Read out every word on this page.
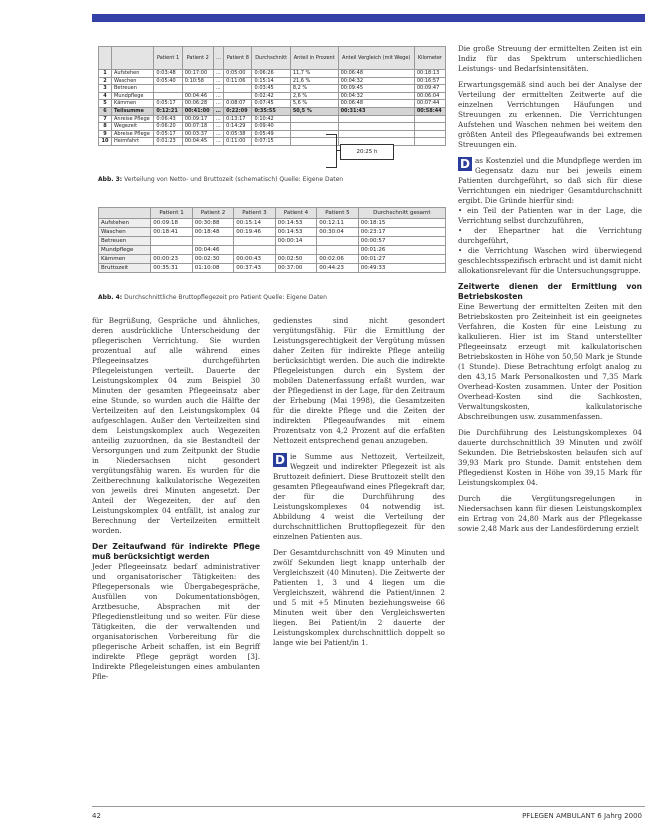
		Patient 1	Patient 2	…	Patient 8	Durchschnitt	Anteil in Prozent	Anteil Vergleich (mit Wege)	Kilometer
1	Aufstehen	0:03:48	00:17:00	…	0:05:00	0:06:26	11,7 %	00:06:48	00:18:13
2	Waschen	0:05:40	0:10:58	…	0:11:06	0:15:14	21,6 %	00:04:32	00:16:57
3	Betreuen			…		0:03:45	8,2 %	00:09:45	00:09:47
4	Mundpflege		00:04:46	…		0:02:42	2,6 %	00:04:32	00:06:04
5	Kämmen	0:05:17	00:06:28	…	0:08:07	0:07:45	5,6 %	00:06:48	00:07:44
6	Teilsumme	0:12:21	00:41:00	…	0:22:09	0:35:55	50,5 %	00:31:43	00:58:44
7	Anreise Pflege	0:06:43	00:09:17	…	0:13:17	0:10:42			
8	Wegezeit	0:06:20	00:07:18	…	0:14:29	0:09:40			
9	Abreise Pflege	0:05:17	00:03:37	…	0:05:38	0:05:49			
10	Heimfahrt	0:01:23	00:04:45	…	0:11:00	0:07:15			
20:25 h
Abb. 3: Verteilung von Netto- und Bruttozeit (schematisch) Quelle: Eigene Daten
	Patient 1	Patient 2	Patient 3	Patient 4	Patient 5	Durchschnitt gesamt
Aufstehen	00:09:18	00:30:88	00:15:14	00:14:53	00:12:11	00:18:15
Waschen	00:18:41	00:18:48	00:19:46	00:14:53	00:30:04	00:23:17
Betreuen				00:00:14		00:00:57
Mundpflege		00:04:46				00:01:26
Kämmen	00:00:23	00:02:30	00:00:43	00:02:50	00:02:06	00:01:27
Bruttozeit	00:35:31	01:10:08	00:37:43	00:37:00	00:44:23	00:49:33
Abb. 4: Durchschnittliche Bruttopflegezeit pro Patient Quelle: Eigene Daten

für Begrüßung, Gespräche und ähnliches, deren ausdrückliche Unterscheidung der pflegerischen Verrichtung. Sie wurden prozentual auf alle während eines Pflegeeinsatzes durchgeführten Pflegeleistungen verteilt. Dauerte der Leistungskomplex 04 zum Beispiel 30 Minuten der gesamten Pflegeeinsatz aber eine Stunde, so wurden auch die Hälfte der Verteilzeiten auf den Leistungskomplex 04 aufgeschlagen. Außer den Verteilzeiten sind dem Leistungskomplex auch Wegezeiten anteilig zuzuordnen, da sie Bestandteil der Versorgungen und zum Zeitpunkt der Studie in Niedersachsen nicht gesondert vergütungsfähig waren. Es wurden für die Zeitberechnung kalkulatorische Wegezeiten von jeweils drei Minuten angesetzt. Der Anteil der Wegezeiten, der auf den Leistungskomplex 04 entfällt, ist analog zur Berechnung der Verteilzeiten ermittelt worden.

Der Zeitaufwand für indirekte Pflege muß berücksichtigt werden

Jeder Pflegeeinsatz bedarf administrativer und organisatorischer Tätigkeiten: des Pflegepersonals wie Übergabegespräche, Ausfüllen von Dokumentationsbögen, Arztbesuche, Absprachen mit der Pflegedienstleitung und so weiter. Für diese Tätigkeiten, die der verwaltenden und organisatorischen Vorbereitung für die pflegerische Arbeit schaffen, ist ein Begriff indirekte Pflege geprägt worden [3]. Indirekte Pflegeleistungen eines ambulanten Pfle-

gedienstes sind nicht gesondert vergütungsfähig. Für die Ermittlung der Leistungsgerechtigkeit der Vergütung müssen daher Zeiten für indirekte Pflege anteilig berücksichtigt werden. Die auch die indirekte Pflegeleistungen durch ein System der mobilen Datenerfassung erfaßt wurden, war der Pflegedienst in der Lage, für den Zeitraum der Erhebung (Mai 1998), die Gesamtzeiten für die direkte Pflege und die Zeiten der indirekten Pflegeaufwandes mit einem Prozentsatz von 4,2 Prozent auf die erfaßten Nettozeit entsprechend genau anzugeben.

D ie Summe aus Nettozeit, Verteilzeit, Wegzeit und indirekter Pflegezeit ist als Bruttozeit definiert. Diese Bruttozeit stellt den gesamten Pflegeaufwand eines Pflegekraft dar, der für die Durchführung des Leistungskomplexes 04 notwendig ist. Abbildung 4 weist die Verteilung der durchschnittlichen Bruttopflegezeit für den einzelnen Patienten aus.

Der Gesamtdurchschnitt von 49 Minuten und zwölf Sekunden liegt knapp unterhalb der Vergleichszeit (40 Minuten). Die Zeitwerte der Patienten 1, 3 und 4 liegen um die Vergleichszeit, während die Patient/innen 2 und 5 mit +5 Minuten beziehungsweise 66 Minuten weit über den Vergleichswerten liegen. Bei Patient/in 2 dauerte der Leistungskomplex durchschnittlich doppelt so lange wie bei Patient/in 1.

Die große Streuung der ermittelten Zeiten ist ein Indiz für das Spektrum unterschiedlichen Leistungs- und Bedarfsintensitäten.

Erwartungsgemäß sind auch bei der Analyse der Verteilung der ermittelten Zeitwerte auf die einzelnen Verrichtungen Häufungen und Streuungen zu erkennen. Die Verrichtungen Aufstehen und Waschen nehmen bei weitem den größten Anteil des Pflegeaufwands bei extremen Streuungen ein.

D as Kostenziel und die Mundpflege werden im Gegensatz dazu nur bei jeweils einem Patienten durchgeführt, so daß sich für diese Verrichtungen ein niedriger Gesamtdurchschnitt ergibt. Die Gründe hierfür sind:

• ein Teil der Patienten war in der Lage, die Verrichtung selbst durchzuführen,

• der Ehepartner hat die Verrichtung durchgeführt,

• die Verrichtung Waschen wird überwiegend geschlechtsspezifisch erbracht und ist damit nicht allokationsrelevant für die Untersuchungsgruppe.

Zeitwerte dienen der Ermittlung von Betriebskosten

Eine Bewertung der ermittelten Zeiten mit den Betriebskosten pro Zeiteinheit ist ein geeignetes Verfahren, die Kosten für eine Leistung zu kalkulieren. Hier ist im Stand unterstellter Pflegeeinsatz erzeugt mit kalkulatorischen Betriebskosten in Höhe von 50,50 Mark je Stunde (1 Stunde). Diese Betrachtung erfolgt analog zu den 43,15 Mark Personalkosten und 7,35 Mark Overhead-Kosten zusammen. Unter der Position Overhead-Kosten sind die Sachkosten, Verwaltungskosten, kalkulatorische Abschreibungen usw. zusammenfassen.

Die Durchführung des Leistungskomplexes 04 dauerte durchschnittlich 39 Minuten und zwölf Sekunden. Die Betriebskosten belaufen sich auf 39,93 Mark pro Stunde. Damit entstehen dem Pflegedienst Kosten in Höhe von 39,15 Mark für Leistungskomplex 04.

Durch die Vergütungsregelungen in Niedersachsen kann für diesen Leistungskomplex ein Ertrag von 24,80 Mark aus der Pflegekasse sowie 2,48 Mark aus der Landesförderung erzielt

42	PFLEGEN AMBULANT 6 Jahrg 2000
